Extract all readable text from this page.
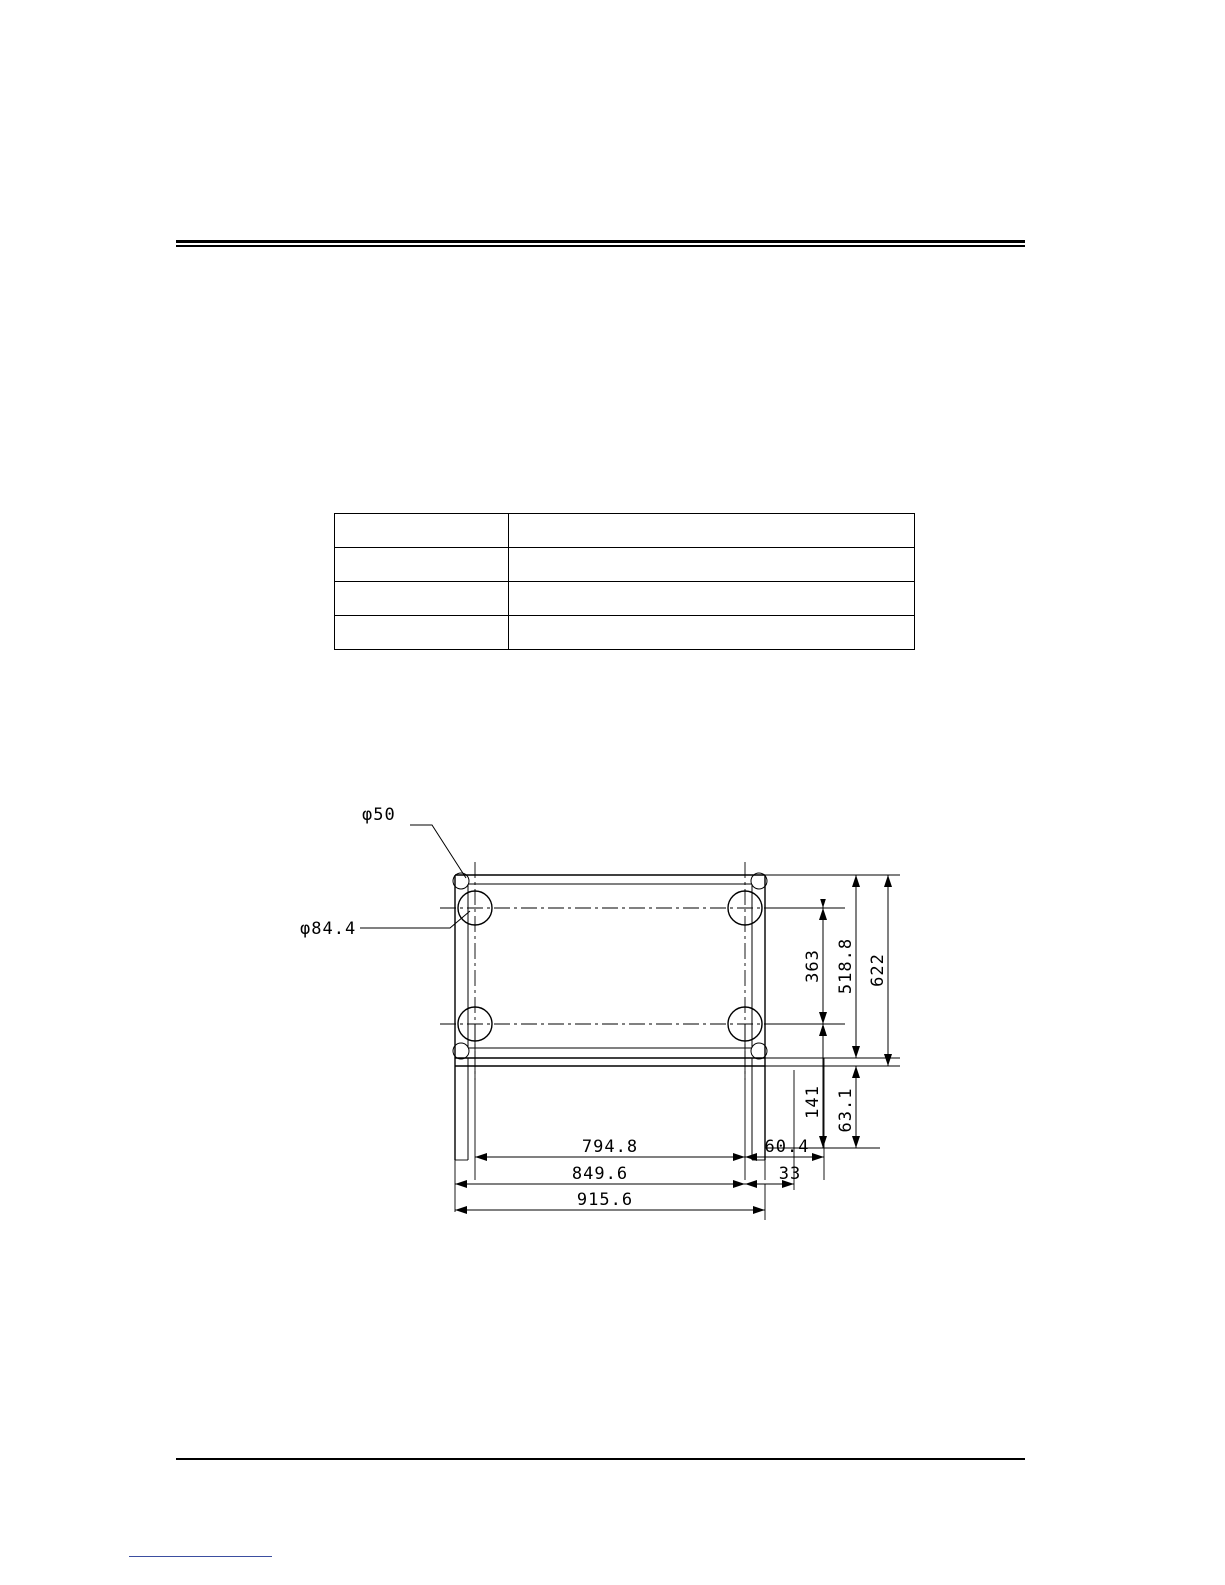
φ50
φ84.4
363 518.8 622
141 63.1
794.8	60.4
849.6	33
915.6
